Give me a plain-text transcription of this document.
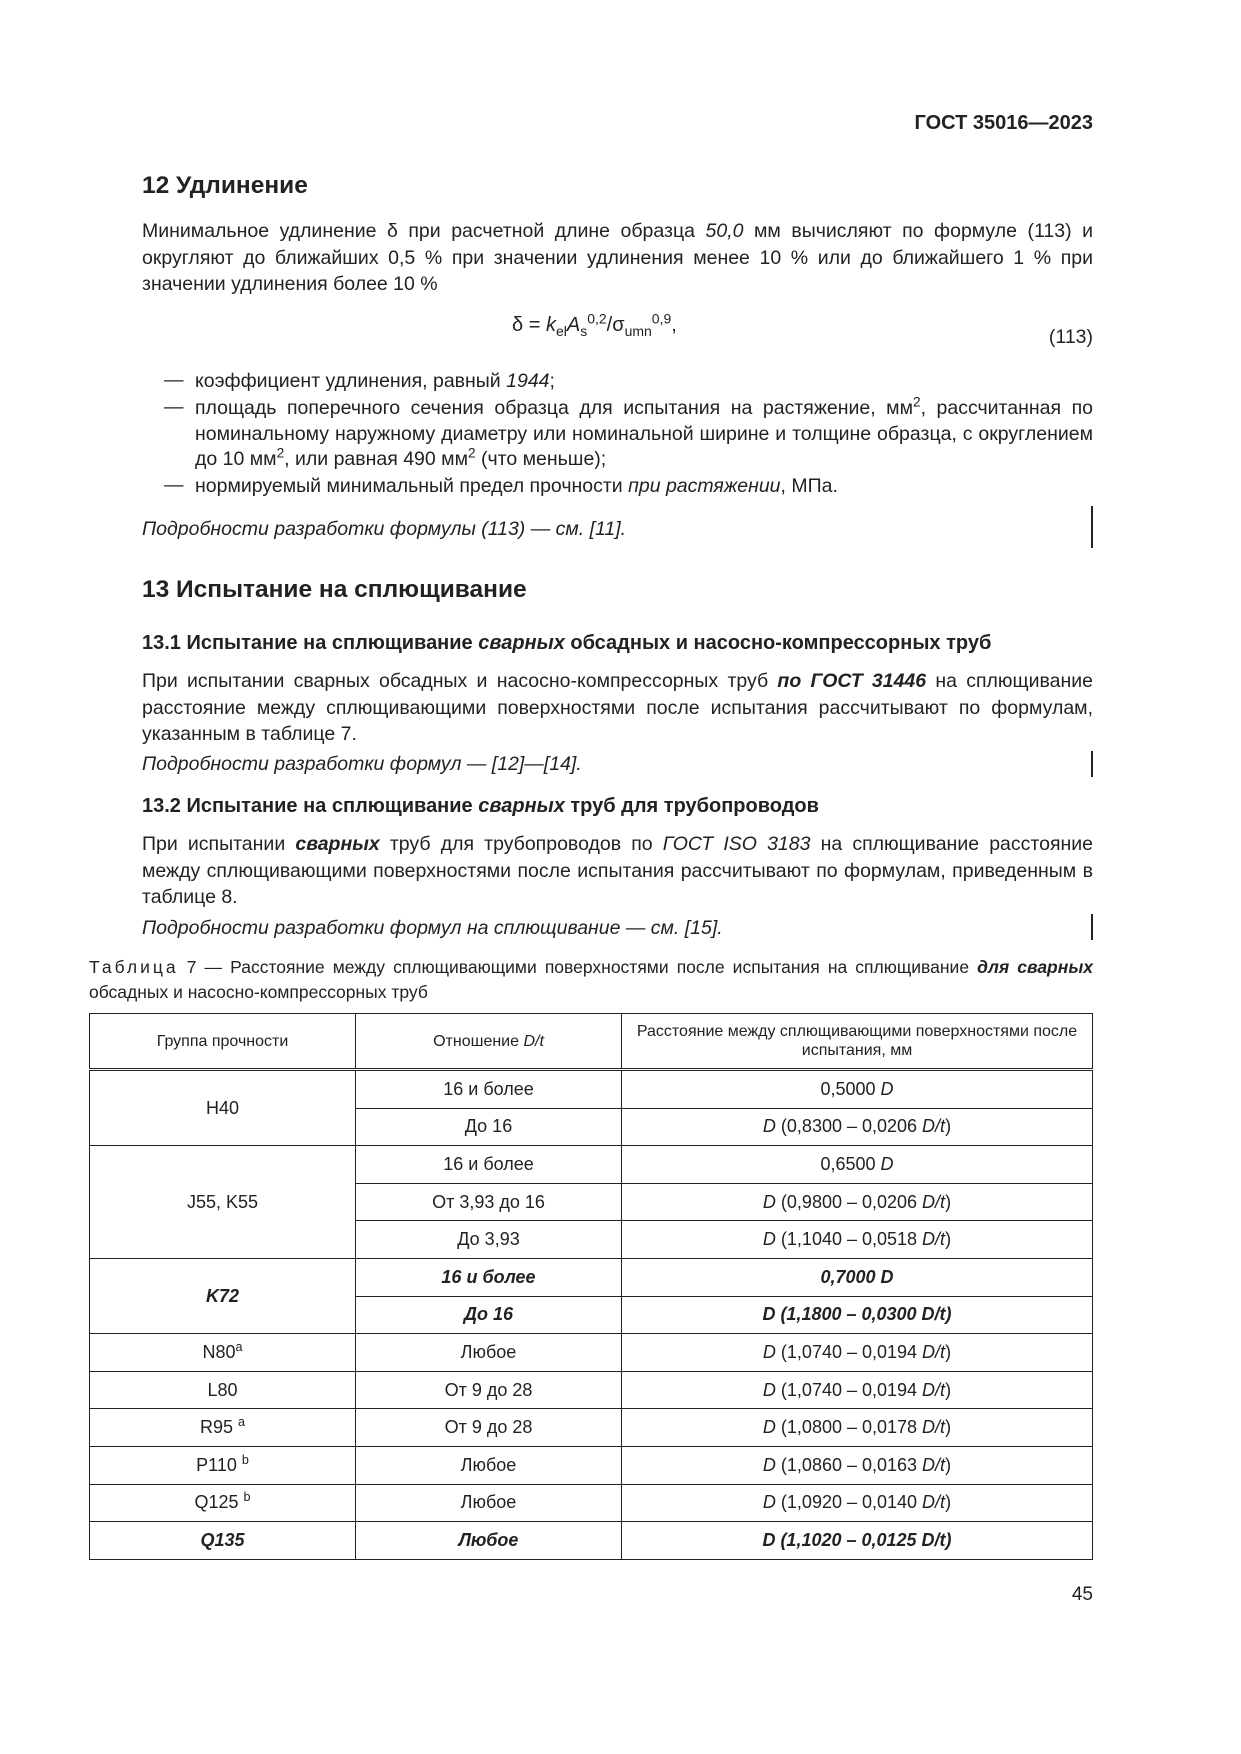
ГОСТ 35016—2023
12 Удлинение
Минимальное удлинение δ при расчетной длине образца 50,0 мм вычисляют по формуле (113) и округляют до ближайших 0,5 % при значении удлинения менее 10 % или до ближайшего 1 % при значении удлинения более 10 %
$\delta = k_{el}A_s^{0,2}/\sigma_{umn}^{0,9}$,
(113)
— коэффициент удлинения, равный 1944;
— площадь поперечного сечения образца для испытания на растяжение, $мм^2$, рассчитанная по номинальному наружному диаметру или номинальной ширине и толщине образца, с округлением до 10 $мм^2$, или равная 490 $мм^2$ (что меньше);
— нормируемый минимальный предел прочности при растяжении, МПа.
Подробности разработки формулы (113) — см. [11].
13 Испытание на сплющивание
13.1 Испытание на сплющивание сварных обсадных и насосно-компрессорных труб
При испытании сварных обсадных и насосно-компрессорных труб по ГОСТ 31446 на сплющивание расстояние между сплющивающими поверхностями после испытания рассчитывают по формулам, указанным в таблице 7.
Подробности разработки формул — [12]—[14].
13.2 Испытание на сплющивание сварных труб для трубопроводов
При испытании сварных труб для трубопроводов по ГОСТ ISO 3183 на сплющивание расстояние между сплющивающими поверхностями после испытания рассчитывают по формулам, приведенным в таблице 8.
Подробности разработки формул на сплющивание — см. [15].
Таблица 7 — Расстояние между сплющивающими поверхностями после испытания на сплющивание для сварных обсадных и насосно-компрессорных труб
Группа прочности	Отношение D/t	Расстояние между сплющивающими поверхностями после испытания, мм
Н40	16 и более	0,5000 D
	До 16	D (0,8300 – 0,0206 D/t)
J55, K55	16 и более	0,6500 D
	От 3,93 до 16	D (0,9800 – 0,0206 D/t)
	До 3,93	D (1,1040 – 0,0518 D/t)
K72	16 и более	0,7000 D
	До 16	D (1,1800 – 0,0300 D/t)
N80$^a$	Любое	D (1,0740 – 0,0194 D/t)
L80	От 9 до 28	D (1,0740 – 0,0194 D/t)
R95 $^a$	От 9 до 28	D (1,0800 – 0,0178 D/t)
P110 $^b$	Любое	D (1,0860 – 0,0163 D/t)
Q125 $^b$	Любое	D (1,0920 – 0,0140 D/t)
Q135	Любое	D (1,1020 – 0,0125 D/t)
45
